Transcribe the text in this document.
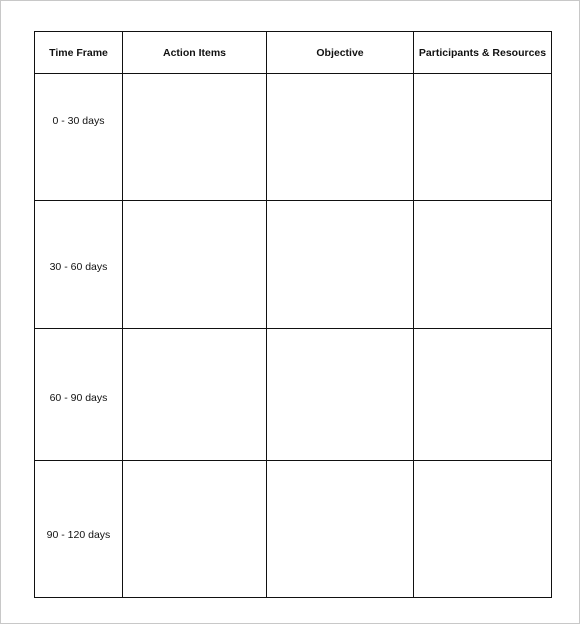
Time Frame	Action Items	Objective	Participants & Resources
0 - 30 days			
30 - 60 days			
60 - 90 days			
90 - 120 days			
